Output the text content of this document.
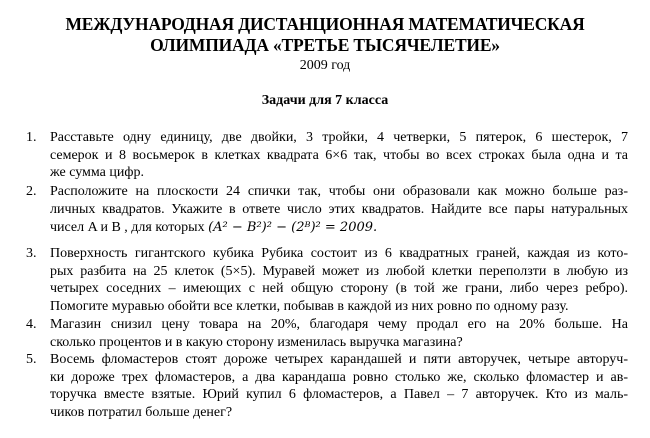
МЕЖДУНАРОДНАЯ ДИСТАНЦИОННАЯ МАТЕМАТИЧЕСКАЯ
ОЛИМПИАДА «ТРЕТЬЕ ТЫСЯЧЕЛЕТИЕ»
2009 год
Задачи для 7 класса
1. Расставьте одну единицу, две двойки, 3 тройки, 4 четверки, 5 пятерок, 6 шестерок, 7
семерок и 8 восьмерок в клетках квадрата 6×6 так, чтобы во всех строках была одна и та
же сумма цифр.
2. Расположите на плоскости 24 спички так, чтобы они образовали как можно больше раз-
личных квадратов. Укажите в ответе число этих квадратов. Найдите все пары натуральных
чисел A и B , для которых (A² − B²)² − (2ᴮ)² = 2009.
3. Поверхность гигантского кубика Рубика состоит из 6 квадратных граней, каждая из кото-
рых разбита на 25 клеток (5×5). Муравей может из любой клетки переползти в любую из
четырех соседних – имеющих с ней общую сторону (в той же грани, либо через ребро).
Помогите муравью обойти все клетки, побывав в каждой из них ровно по одному разу.
4. Магазин снизил цену товара на 20%, благодаря чему продал его на 20% больше. На
сколько процентов и в какую сторону изменилась выручка магазина?
5. Восемь фломастеров стоят дороже четырех карандашей и пяти авторучек, четыре авторуч-
ки дороже трех фломастеров, а два карандаша ровно столько же, сколько фломастер и ав-
торучка вместе взятые. Юрий купил 6 фломастеров, а Павел – 7 авторучек. Кто из маль-
чиков потратил больше денег?
